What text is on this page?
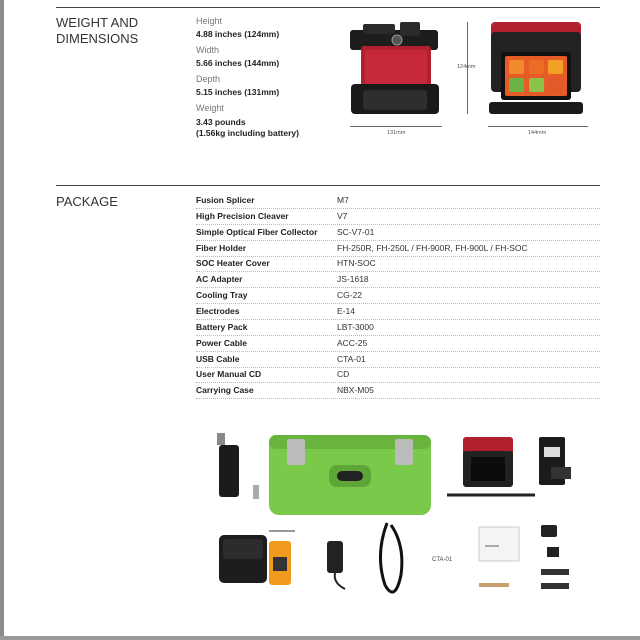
WEIGHT AND
DIMENSIONS
Height
4.88 inches (124mm)
Width
5.66 inches (144mm)
Depth
5.15 inches (131mm)
Weight
3.43 pounds
(1.56kg including battery)	131mm	144mm
124mm
PACKAGE	Fusion Splicer	M7
High Precision Cleaver	V7
Simple Optical Fiber Collector SC-V7-01
Fiber Holder	FH-250R, FH-250L / FH-900R, FH-900L / FH-SOC
SOC Heater Cover	HTN-SOC
AC Adapter	JS-1618
Cooling Tray	CG-22
Electrodes	E-14
Battery Pack	LBT-3000
Power Cable	ACC-25
USB Cable	CTA-01
User Manual CD	CD
Carrying Case	NBX-M05
CTA-01
